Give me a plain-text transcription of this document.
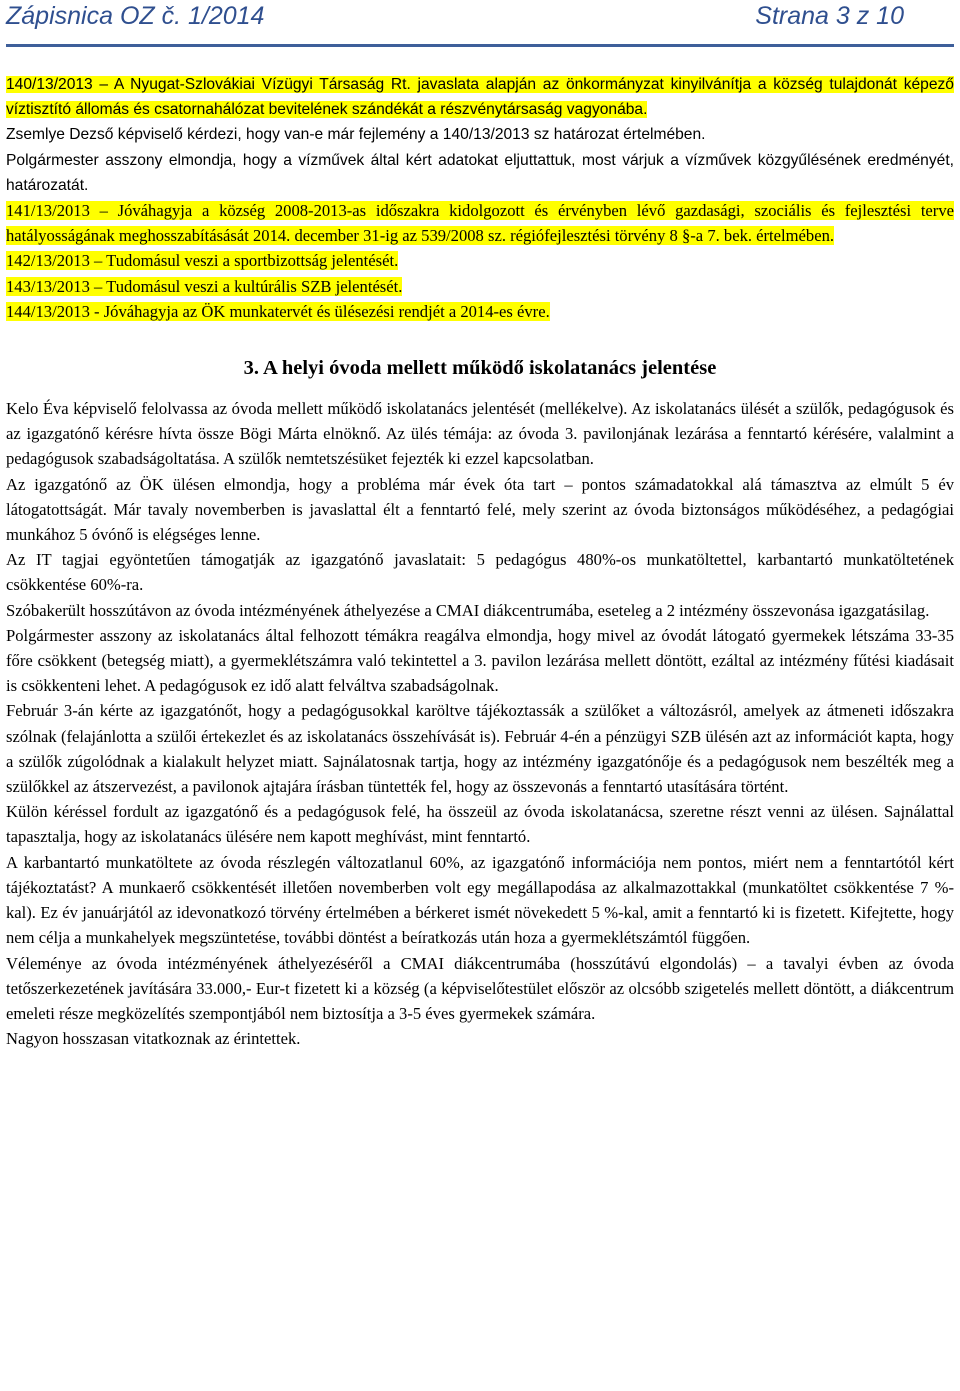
Zápisnica OZ č. 1/2014	Strana 3 z 10

140/13/2013 – A Nyugat-Szlovákiai Vízügyi Társaság Rt. javaslata alapján az önkormányzat kinyilvánítja a község tulajdonát képező víztisztító állomás és csatornahálózat bevitelének szándékát a részvénytársaság vagyonába.

Zsemlye Dezső képviselő kérdezi, hogy van-e már fejlemény a 140/13/2013 sz határozat értelmében.

Polgármester asszony elmondja, hogy a vízművek által kért adatokat eljuttattuk, most várjuk a vízművek közgyűlésének eredményét, határozatát.

141/13/2013 – Jóváhagyja a község 2008-2013-as időszakra kidolgozott és érvényben lévő gazdasági, szociális és fejlesztési terve hatályosságának meghosszabításását 2014. december 31-ig az 539/2008 sz. régiófejlesztési törvény 8 §-a 7. bek. értelmében.

142/13/2013 – Tudomásul veszi a sportbizottság jelentését.

143/13/2013 – Tudomásul veszi a kultúrális SZB jelentését.

144/13/2013 - Jóváhagyja az ÖK munkatervét és ülésezési rendjét a 2014-es évre.

3. A helyi óvoda mellett működő iskolatanács jelentése

Kelo Éva képviselő felolvassa az óvoda mellett működő iskolatanács jelentését (mellékelve). Az iskolatanács ülését a szülők, pedagógusok és az igazgatónő kérésre hívta össze Bögi Márta elnöknő. Az ülés témája: az óvoda 3. pavilonjának lezárása a fenntartó kérésére, valalmint a pedagógusok szabadságoltatása. A szülők nemtetszésüket fejezték ki ezzel kapcsolatban.

Az igazgatónő az ÖK ülésen elmondja, hogy a probléma már évek óta tart – pontos számadatokkal alá támasztva az elmúlt 5 év látogatottságát. Már tavaly novemberben is javaslattal élt a fenntartó felé, mely szerint az óvoda biztonságos működéséhez, a pedagógiai munkához 5 óvónő is elégséges lenne.

Az IT tagjai egyöntetűen támogatják az igazgatónő javaslatait: 5 pedagógus 480%-os munkatöltettel, karbantartó munkatöltetének csökkentése 60%-ra.

Szóbakerült hosszútávon az óvoda intézményének áthelyezése a CMAI diákcentrumába, eseteleg a 2 intézmény összevonása igazgatásilag.

Polgármester asszony az iskolatanács által felhozott témákra reagálva elmondja, hogy mivel az óvodát látogató gyermekek létszáma 33-35 főre csökkent (betegség miatt), a gyermeklétszámra való tekintettel a 3. pavilon lezárása mellett döntött, ezáltal az intézmény fűtési kiadásait is csökkenteni lehet. A pedagógusok ez idő alatt felváltva szabadságolnak.

Február 3-án kérte az igazgatónőt, hogy a pedagógusokkal karöltve tájékoztassák a szülőket a változásról, amelyek az átmeneti időszakra szólnak (felajánlotta a szülői értekezlet és az iskolatanács összehívását is). Február 4-én a pénzügyi SZB ülésén azt az információt kapta, hogy a szülők zúgolódnak a kialakult helyzet miatt. Sajnálatosnak tartja, hogy az intézmény igazgatónője és a pedagógusok nem beszélték meg a szülőkkel az átszervezést, a pavilonok ajtajára írásban tüntették fel, hogy az összevonás a fenntartó utasítására történt.

Külön kéréssel fordult az igazgatónő és a pedagógusok felé, ha összeül az óvoda iskolatanácsa, szeretne részt venni az ülésen. Sajnálattal tapasztalja, hogy az iskolatanács ülésére nem kapott meghívást, mint fenntartó.

A karbantartó munkatöltete az óvoda részlegén változatlanul 60%, az igazgatónő információja nem pontos, miért nem a fenntartótól kért tájékoztatást? A munkaerő csökkentését illetően novemberben volt egy megállapodása az alkalmazottakkal (munkatöltet csökkentése 7 %-kal). Ez év januárjától az idevonatkozó törvény értelmében a bérkeret ismét növekedett 5 %-kal, amit a fenntartó ki is fizetett. Kifejtette, hogy nem célja a munkahelyek megszüntetése, további döntést a beíratkozás után hoza a gyermeklétszámtól függően.

Véleménye az óvoda intézményének áthelyezéséről a CMAI diákcentrumába (hosszútávú elgondolás) – a tavalyi évben az óvoda tetőszerkezetének javítására 33.000,- Eur-t fizetett ki a község (a képviselőtestület először az olcsóbb szigetelés mellett döntött, a diákcentrum emeleti része megközelítés szempontjából nem biztosítja a 3-5 éves gyermekek számára.

Nagyon hosszasan vitatkoznak az érintettek.
